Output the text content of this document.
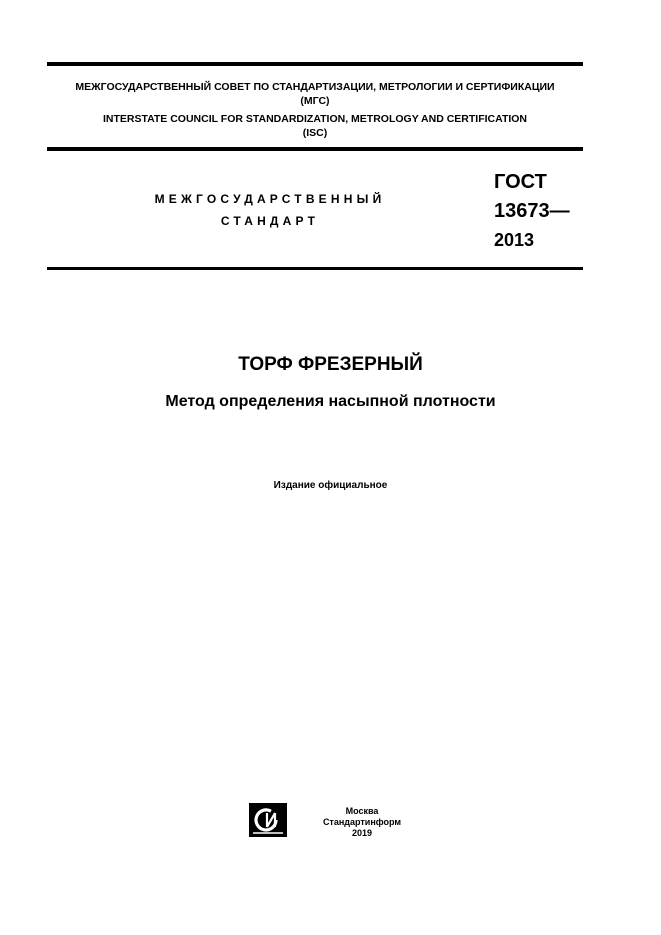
МЕЖГОСУДАРСТВЕННЫЙ СОВЕТ ПО СТАНДАРТИЗАЦИИ, МЕТРОЛОГИИ И СЕРТИФИКАЦИИ
(МГС)
INTERSTATE COUNCIL FOR STANDARDIZATION, METROLOGY AND CERTIFICATION
(ISC)
МЕЖГОСУДАРСТВЕННЫЙ
СТАНДАРТ
ГОСТ
13673—
2013
ТОРФ ФРЕЗЕРНЫЙ
Метод определения насыпной плотности
Издание официальное
Москва
Стандартинформ
2019
